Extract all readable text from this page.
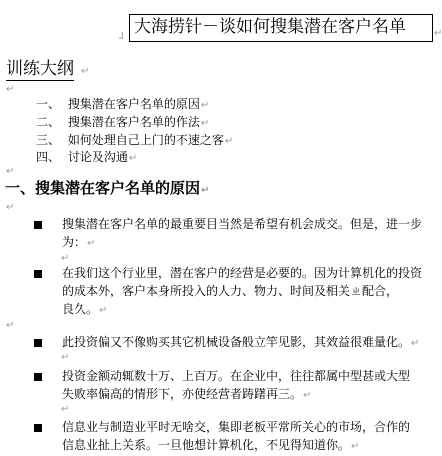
┘
大海捞针－谈如何搜集潜在客户名单	↵
训练大纲 ↵
↵
一、 搜集潜在客户名单的原因↵
二、 搜集潜在客户名单的作法↵
三、 如何处理自己上门的不速之客↵
四、 讨论及沟通↵
↵
一、搜集潜在客户名单的原因↵
↵
搜集潜在客户名单的最重要目当然是希望有机会成交。但是，进一步
为：↵
↵
在我们这个行业里，潜在客户的经营是必要的。因为计算机化的投资
的成本外，客户本身所投入的人力、物力、时间及相关ㄓ配合，
良久。↵
↵
此投资偏又不像购买其它机械设备般立竿见影，其效益很难量化。↵
↵
投资金额动辄数十万、上百万。在企业中，往往都属中型甚或大型
失败率偏高的情形下，亦使经营者踌躇再三。↵
↵
信息业与制造业平时无啥交，集即老板平常所关心的市场，合作的
信息业扯上关系。一旦他想计算机化，不见得知道你。↵
